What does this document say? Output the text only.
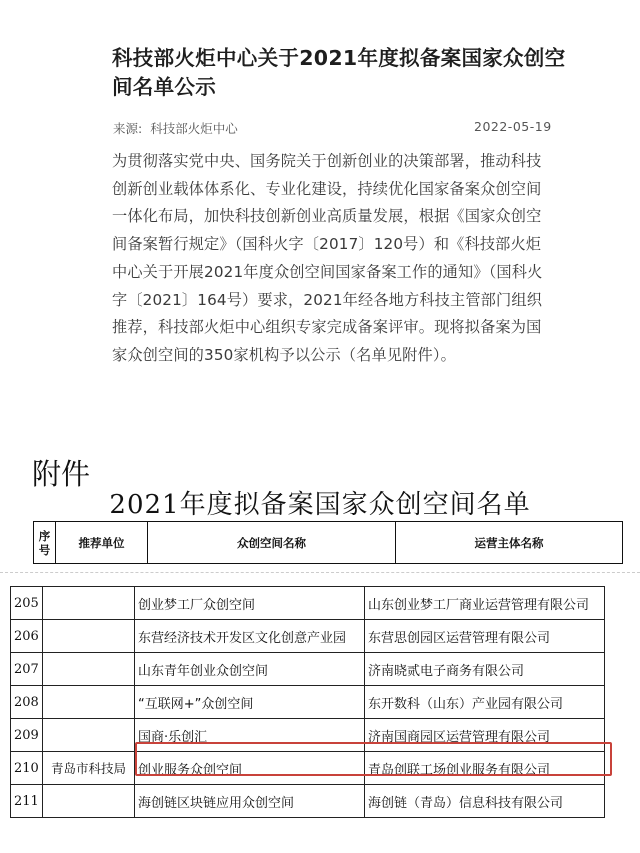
科技部火炬中心关于2021年度拟备案国家众创空间名单公示
来源: 科技部火炬中心	2022-05-19

为贯彻落实党中央、国务院关于创新创业的决策部署，推动科技创新创业载体体系化、专业化建设，持续优化国家备案众创空间一体化布局，加快科技创新创业高质量发展，根据《国家众创空间备案暂行规定》（国科火字〔2017〕120号）和《科技部火炬中心关于开展2021年度众创空间国家备案工作的通知》（国科火字〔2021〕164号）要求，2021年经各地方科技主管部门组织推荐，科技部火炬中心组织专家完成备案评审。现将拟备案为国家众创空间的350家机构予以公示（名单见附件）。

附件
2021年度拟备案国家众创空间名单
序号	推荐单位	众创空间名称	运营主体名称
205		创业梦工厂众创空间	山东创业梦工厂商业运营管理有限公司
206		东营经济技术开发区文化创意产业园	东营思创园区运营管理有限公司
207		山东青年创业众创空间	济南晓贰电子商务有限公司
208		“互联网+”众创空间	东开数科（山东）产业园有限公司
209		国商·乐创汇	济南国商园区运营管理有限公司
210	青岛市科技局	创业服务众创空间	青岛创联工场创业服务有限公司
211		海创链区块链应用众创空间	海创链（青岛）信息科技有限公司
